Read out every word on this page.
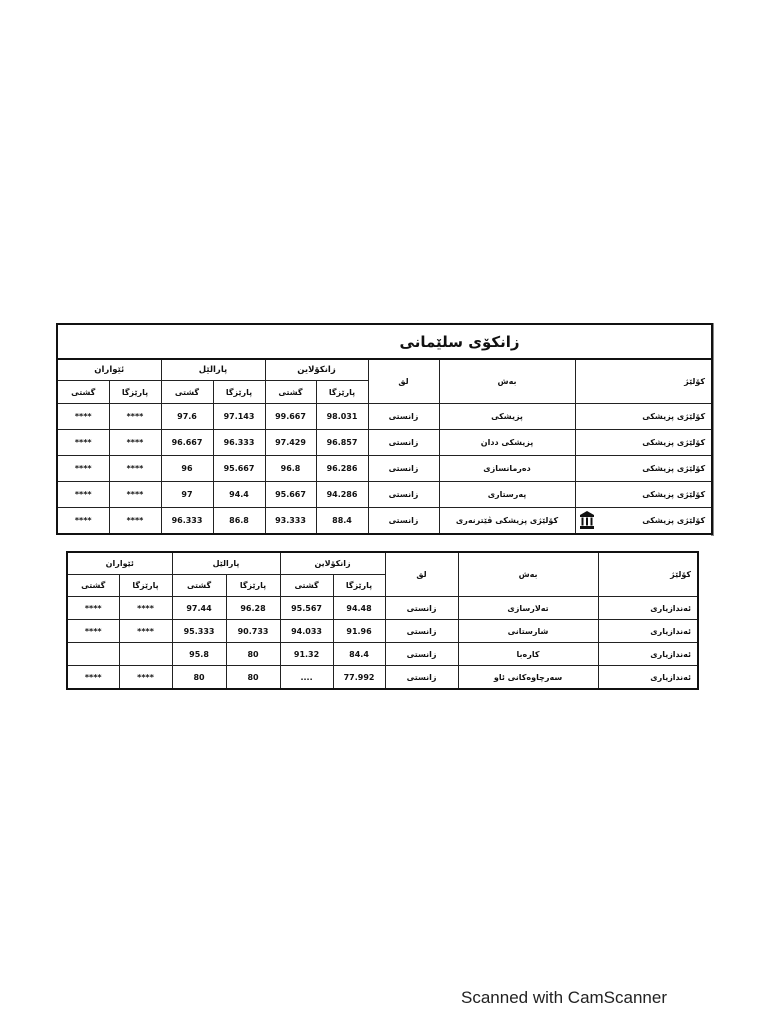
زانکۆی سلێمانی								
ئێواران		پارالێل		زانکۆلاین		لق	بەش	کۆلێژ
گشتی	پارێزگا	گشتی	پارێزگا	گشتی	پارێزگا			
****	****	97.6	97.143	99.667	98.031	زانستی	پزیشکی	کۆلێژی پزیشکی
****	****	96.667	96.333	97.429	96.857	زانستی	پزیشکی ددان	کۆلێژی پزیشکی
****	****	96	95.667	96.8	96.286	زانستی	دەرمانسازی	کۆلێژی پزیشکی
****	****	97	94.4	95.667	94.286	زانستی	پەرستاری	کۆلێژی پزیشکی
****	****	96.333	86.8	93.333	88.4	زانستی	کۆلێژی پزیشکی ڤێترنەری	کۆلێژی پزیشکی
ئێواران		پارالێل		زانکۆلاین		لق	بەش	کۆلێژ
گشتی	پارێزگا	گشتی	پارێزگا	گشتی	پارێزگا			
****	****	97.44	96.28	95.567	94.48	زانستی	تەلارسازی	ئەندازیاری
****	****	95.333	90.733	94.033	91.96	زانستی	شارستانی	ئەندازیاری
		95.8	80	91.32	84.4	زانستی	کارەبا	ئەندازیاری
****	****	80	80	....	77.992	زانستی	سەرچاوەکانی ئاو	ئەندازیاری
Scanned with CamScanner
